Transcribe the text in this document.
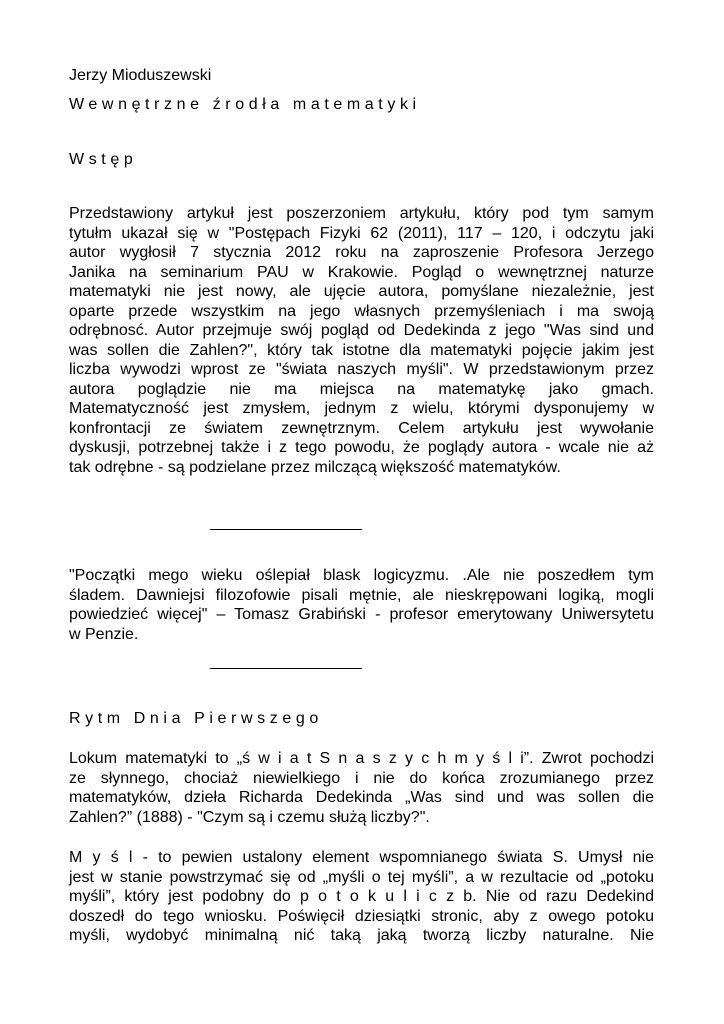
Jerzy Mioduszewski
Wewnętrzne źrodła matematyki
Wstęp
Przedstawiony artykuł jest poszerzoniem artykułu, który pod tym samym
tytułm ukazał się w "Postępach Fizyki 62 (2011), 117 – 120, i odczytu jaki
autor wygłosił 7 stycznia 2012 roku na zaproszenie Profesora Jerzego
Janika na seminarium PAU w Krakowie. Pogląd o wewnętrznej naturze
matematyki nie jest nowy, ale ujęcie autora, pomyślane niezależnie, jest
oparte przede wszystkim na jego własnych przemyśleniach i ma swoją
odrębnosć. Autor przejmuje swój pogląd od Dedekinda z jego "Was sind und
was sollen die Zahlen?", który tak istotne dla matematyki pojęcie jakim jest
liczba wywodzi wprost ze "świata naszych myśli". W przedstawionym przez
autora poglądzie nie ma miejsca na matematykę jako gmach.
Matematyczność jest zmysłem, jednym z wielu, którymi dysponujemy w
konfrontacji ze światem zewnętrznym. Celem artykułu jest wywołanie
dyskusji, potrzebnej także i z tego powodu, że poglądy autora - wcale nie aż
tak odrębne - są podzielane przez milczącą większość matematyków.
"Początki mego wieku oślepiał blask logicyzmu. .Ale nie poszedłem tym
śladem. Dawniejsi filozofowie pisali mętnie, ale nieskrępowani logiką, mogli
powiedzieć więcej" – Tomasz Grabiński - profesor emerytowany Uniwersytetu
w Penzie.
Rytm Dnia Pierwszego
Lokum matematyki to „ś w i a t S n a s z y c h m y ś l i”. Zwrot pochodzi
ze słynnego, chociaż niewielkiego i nie do końca zrozumianego przez
matematyków, dzieła Richarda Dedekinda „Was sind und was sollen die
Zahlen?” (1888) - "Czym są i czemu służą liczby?".
M y ś l - to pewien ustalony element wspomnianego świata S. Umysł nie
jest w stanie powstrzymać się od „myśli o tej myśli”, a w rezultacie od „potoku
myśli”, który jest podobny do p o t o k u l i c z b. Nie od razu Dedekind
doszedł do tego wniosku. Poświęcił dziesiątki stronic, aby z owego potoku
myśli, wydobyć minimalną nić taką jaką tworzą liczby naturalne. Nie
